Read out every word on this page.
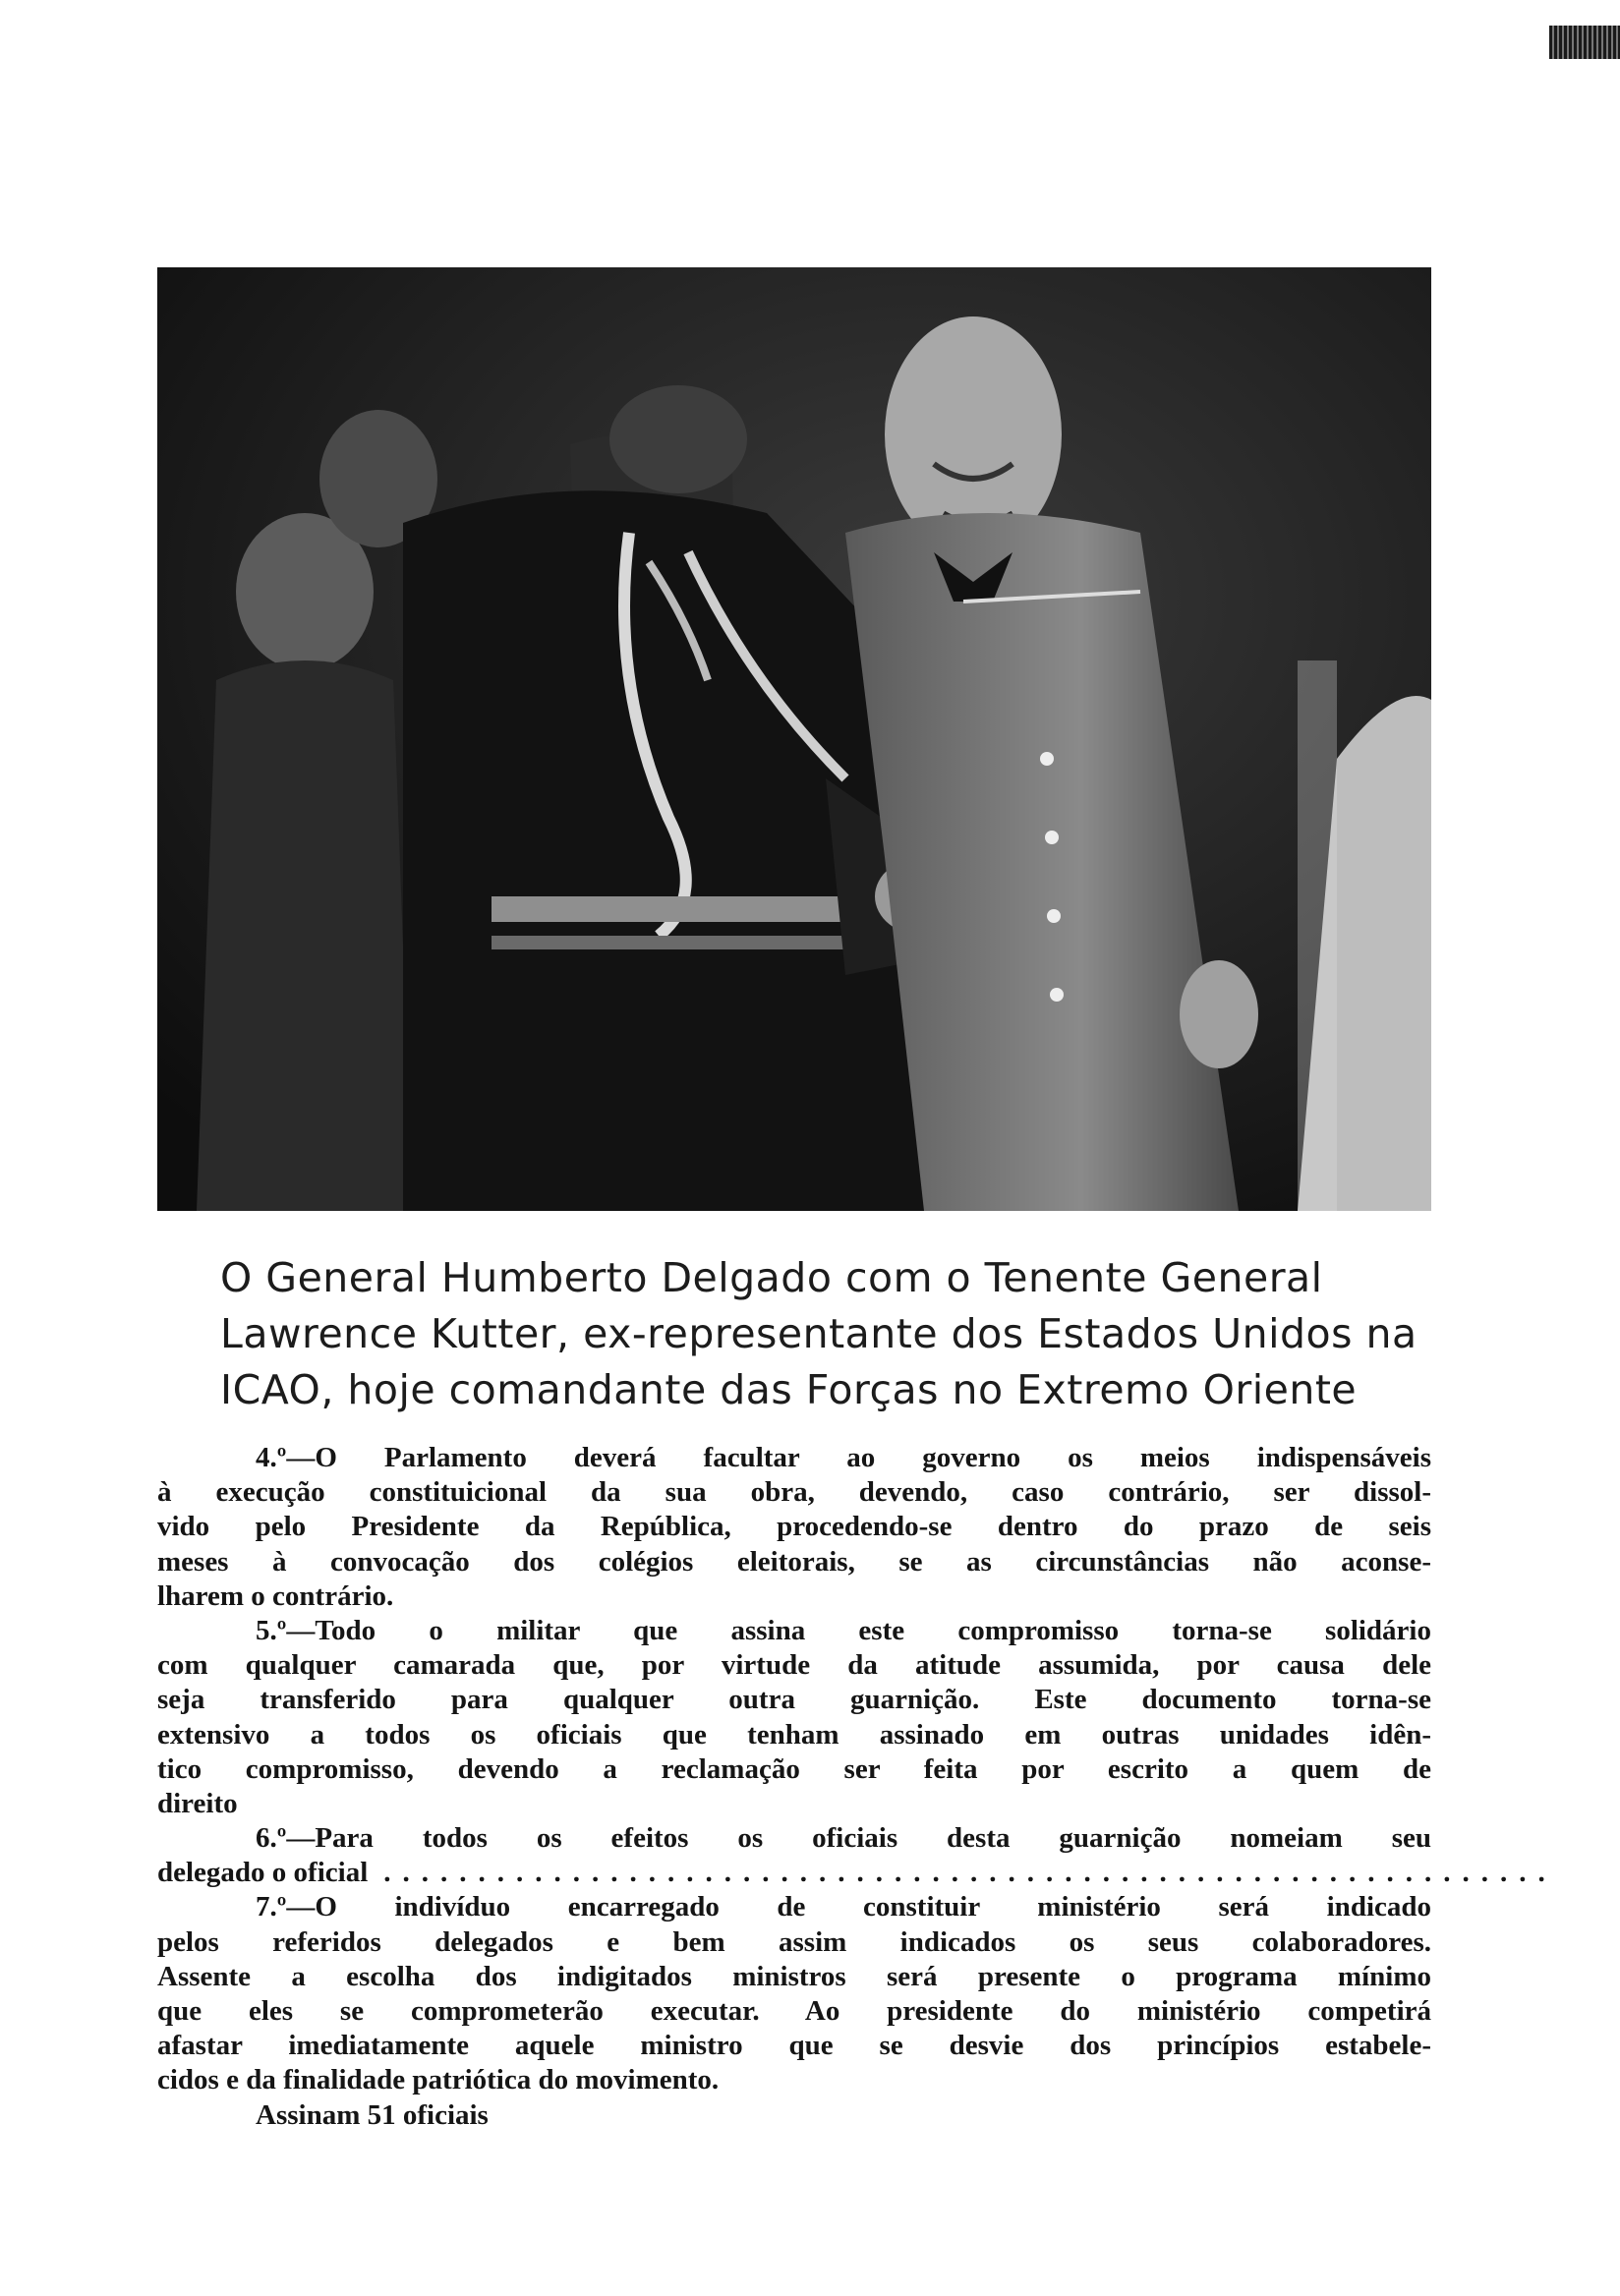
O General Humberto Delgado com o Tenente General
Lawrence Kutter, ex-representante dos Estados Unidos na
ICAO, hoje comandante das Forças no Extremo Oriente
4.º—O Parlamento deverá facultar ao governo os meios indispensáveis
à execução constituicional da sua obra, devendo, caso contrário, ser dissol-
vido pelo Presidente da República, procedendo-se dentro do prazo de seis
meses à convocação dos colégios eleitorais, se as circunstâncias não aconse-
lharem o contrário.
5.º—Todo o militar que assina este compromisso torna-se solidário
com qualquer camarada que, por virtude da atitude assumida, por causa dele
seja transferido para qualquer outra guarnição. Este documento torna-se
extensivo a todos os oficiais que tenham assinado em outras unidades idên-
tico compromisso, devendo a reclamação ser feita por escrito a quem de
direito
6.º—Para todos os efeitos os oficiais desta guarnição nomeiam seu
delegado o oficial ..............................................................
7.º—O indivíduo encarregado de constituir ministério será indicado
pelos referidos delegados e bem assim indicados os seus colaboradores.
Assente a escolha dos indigitados ministros será presente o programa mínimo
que eles se comprometerão executar. Ao presidente do ministério competirá
afastar imediatamente aquele ministro que se desvie dos princípios estabele-
cidos e da finalidade patriótica do movimento.
Assinam 51 oficiais
